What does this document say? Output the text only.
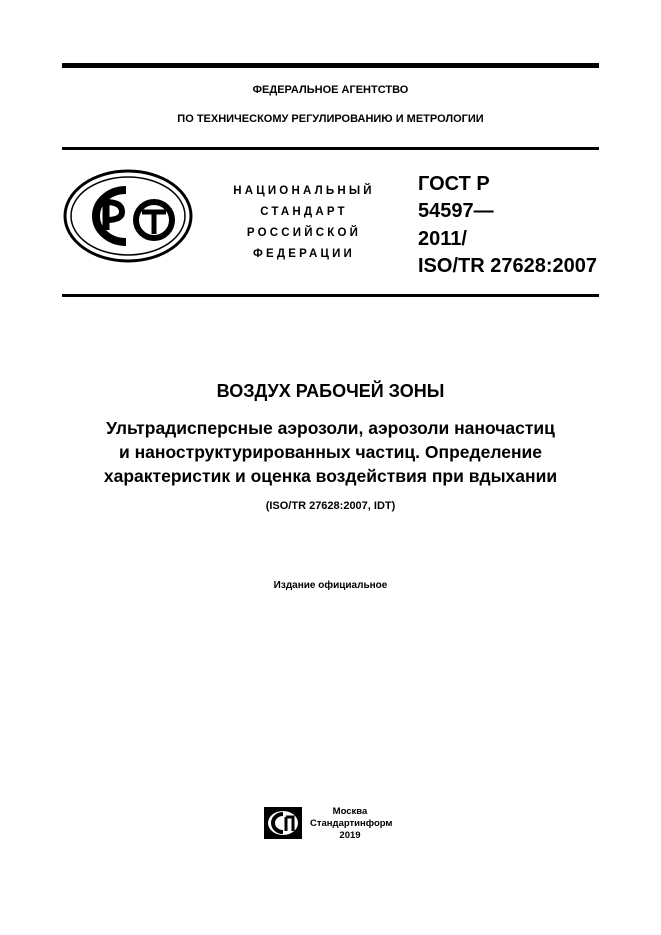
ФЕДЕРАЛЬНОЕ АГЕНТСТВО
ПО ТЕХНИЧЕСКОМУ РЕГУЛИРОВАНИЮ И МЕТРОЛОГИИ
НАЦИОНАЛЬНЫЙ
СТАНДАРТ
РОССИЙСКОЙ
ФЕДЕРАЦИИ
ГОСТ Р
54597—
2011/
ISO/TR 27628:2007
ВОЗДУХ РАБОЧЕЙ ЗОНЫ
Ультрадисперсные аэрозоли, аэрозоли наночастиц
и наноструктурированных частиц. Определение
характеристик и оценка воздействия при вдыхании
(ISO/TR 27628:2007, IDT)
Издание официальное
Москва
Стандартинформ
2019
